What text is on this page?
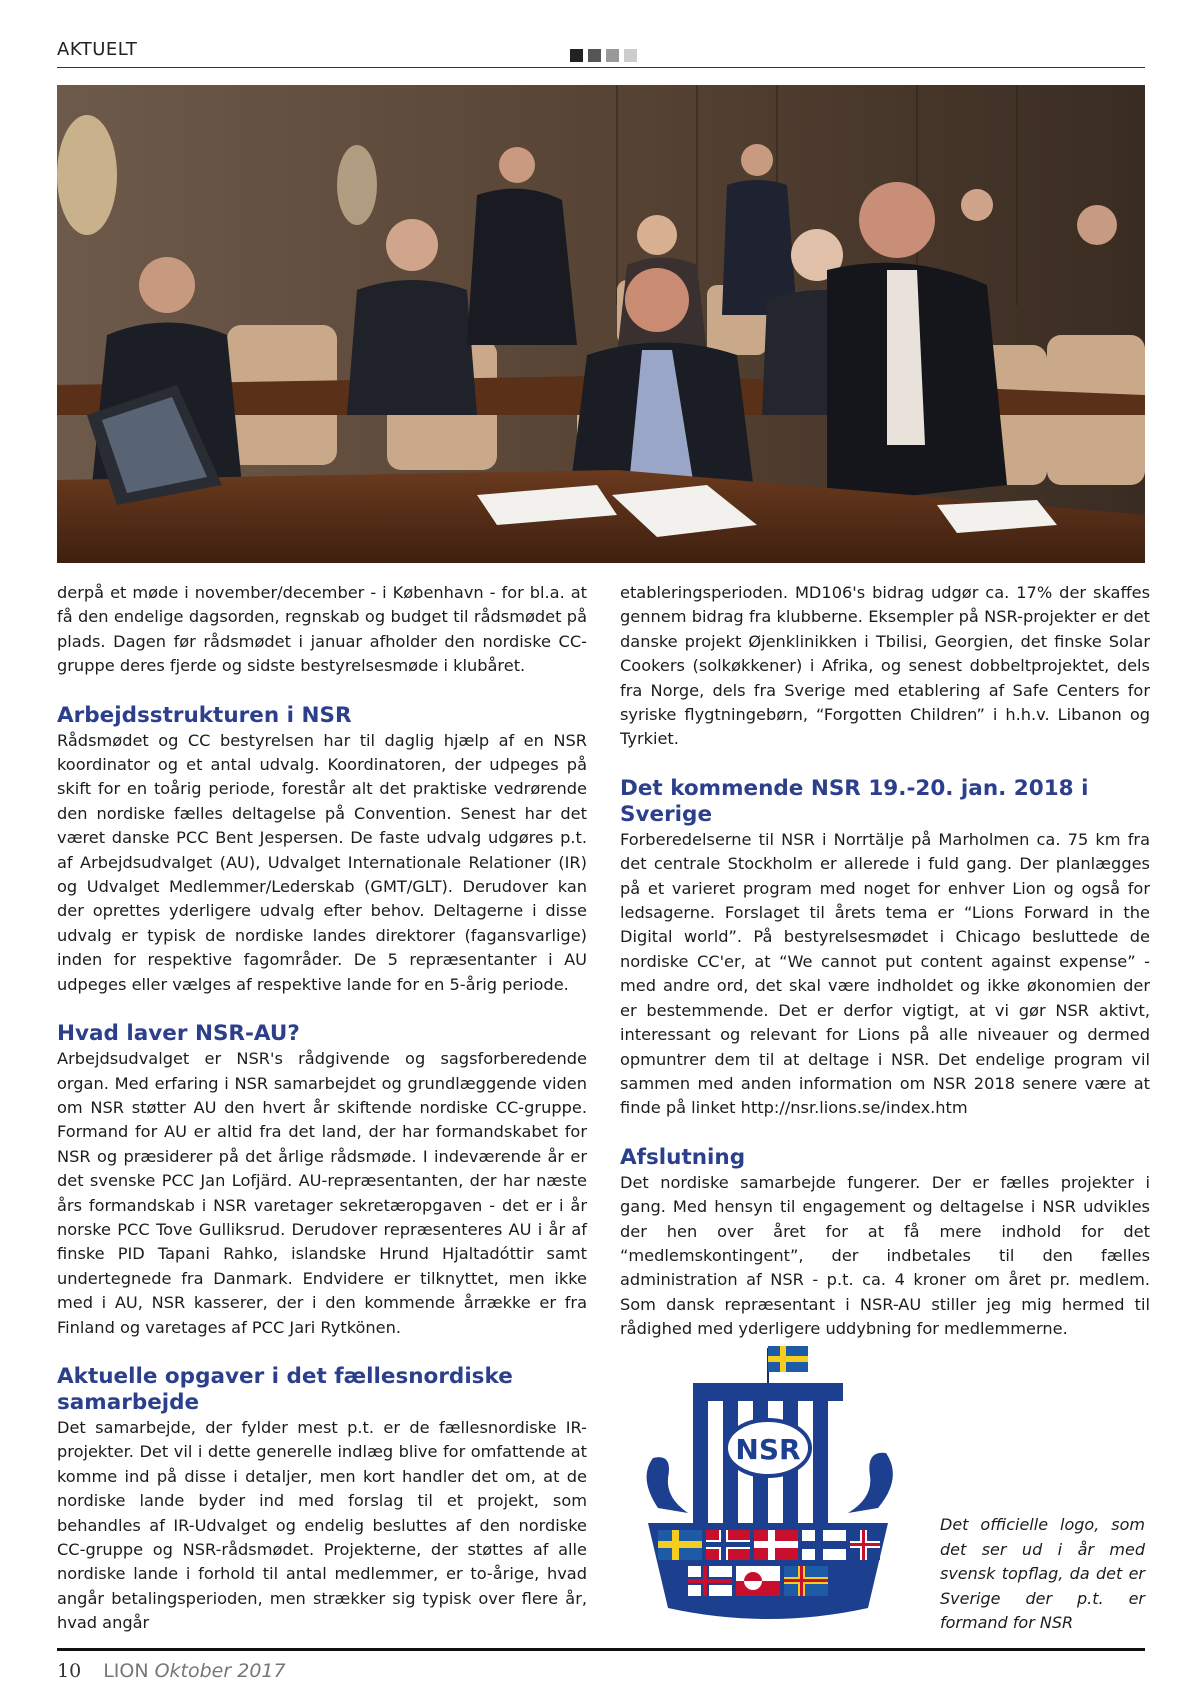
AKTUELT

derpå et møde i november/december - i København - for bl.a. at få den endelige dagsorden, regnskab og budget til rådsmødet på plads. Dagen før rådsmødet i januar afholder den nordiske CC-gruppe deres fjerde og sidste bestyrelsesmøde i klubåret.

Arbejdsstrukturen i NSR

Rådsmødet og CC bestyrelsen har til daglig hjælp af en NSR koordinator og et antal udvalg. Koordinatoren, der udpeges på skift for en toårig periode, forestår alt det praktiske vedrørende den nordiske fælles deltagelse på Convention. Senest har det været danske PCC Bent Jespersen. De faste udvalg udgøres p.t. af Arbejdsudvalget (AU), Udvalget Internationale Relationer (IR) og Udvalget Medlemmer/Lederskab (GMT/GLT). Derudover kan der oprettes yderligere udvalg efter behov. Deltagerne i disse udvalg er typisk de nordiske landes direktorer (fagansvarlige) inden for respektive fagområder. De 5 repræsentanter i AU udpeges eller vælges af respektive lande for en 5-årig periode.

Hvad laver NSR-AU?

Arbejdsudvalget er NSR's rådgivende og sagsforberedende organ. Med erfaring i NSR samarbejdet og grundlæggende viden om NSR støtter AU den hvert år skiftende nordiske CC-gruppe. Formand for AU er altid fra det land, der har formandskabet for NSR og præsiderer på det årlige rådsmøde. I indeværende år er det svenske PCC Jan Lofjärd. AU-repræsentanten, der har næste års formandskab i NSR varetager sekretæropgaven - det er i år norske PCC Tove Gulliksrud. Derudover repræsenteres AU i år af finske PID Tapani Rahko, islandske Hrund Hjaltadóttir samt undertegnede fra Danmark. Endvidere er tilknyttet, men ikke med i AU, NSR kasserer, der i den kommende årrække er fra Finland og varetages af PCC Jari Rytkönen.

Aktuelle opgaver i det fællesnordiske samarbejde

Det samarbejde, der fylder mest p.t. er de fællesnordiske IR-projekter. Det vil i dette generelle indlæg blive for omfattende at komme ind på disse i detaljer, men kort handler det om, at de nordiske lande byder ind med forslag til et projekt, som behandles af IR-Udvalget og endelig besluttes af den nordiske CC-gruppe og NSR-rådsmødet. Projekterne, der støttes af alle nordiske lande i forhold til antal medlemmer, er to-årige, hvad angår betalingsperioden, men strækker sig typisk over flere år, hvad angår

etableringsperioden. MD106's bidrag udgør ca. 17% der skaffes gennem bidrag fra klubberne. Eksempler på NSR-projekter er det danske projekt Øjenklinikken i Tbilisi, Georgien, det finske Solar Cookers (solkøkkener) i Afrika, og senest dobbeltprojektet, dels fra Norge, dels fra Sverige med etablering af Safe Centers for syriske flygtningebørn, “Forgotten Children” i h.h.v. Libanon og Tyrkiet.

Det kommende NSR 19.-20. jan. 2018 i Sverige

Forberedelserne til NSR i Norrtälje på Marholmen ca. 75 km fra det centrale Stockholm er allerede i fuld gang. Der planlægges på et varieret program med noget for enhver Lion og også for ledsagerne. Forslaget til årets tema er “Lions Forward in the Digital world”. På bestyrelsesmødet i Chicago besluttede de nordiske CC'er, at “We cannot put content against expense” - med andre ord, det skal være indholdet og ikke økonomien der er bestemmende. Det er derfor vigtigt, at vi gør NSR aktivt, interessant og relevant for Lions på alle niveauer og dermed opmuntrer dem til at deltage i NSR. Det endelige program vil sammen med anden information om NSR 2018 senere være at finde på linket http://nsr.lions.se/index.htm

Afslutning

Det nordiske samarbejde fungerer. Der er fælles projekter i gang. Med hensyn til engagement og deltagelse i NSR udvikles der hen over året for at få mere indhold for det “medlemskontingent”, der indbetales til den fælles administration af NSR - p.t. ca. 4 kroner om året pr. medlem. Som dansk repræsentant i NSR-AU stiller jeg mig hermed til rådighed med yderligere uddybning for medlemmerne.

NSR
Det officielle logo, som det ser ud i år med svensk topflag, da det er Sverige der p.t. er formand for NSR
10 LION Oktober 2017
